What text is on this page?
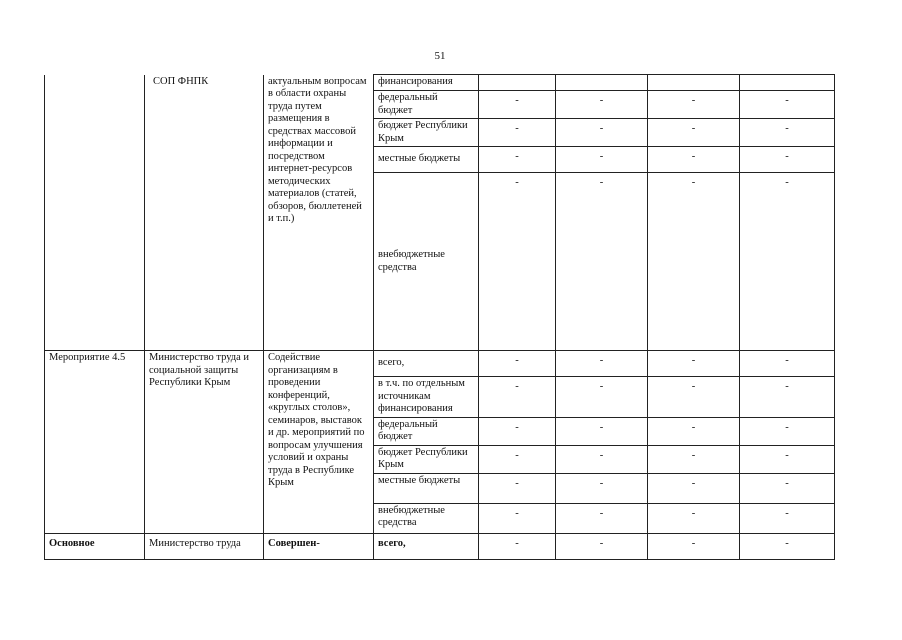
51
	СОП ФНПК	актуальным вопросам в области охраны труда путем размещения в средствах массовой информации и посредством интернет-ресурсов методических материалов (статей, обзоров, бюллетеней и т.п.)	финансирования				
			федеральный бюджет	-	-	-	-
			бюджет Республики Крым	-	-	-	-
			местные бюджеты	-	-	-	-
			внебюджетные средства	-	-	-	-
Мероприятие 4.5	Министерство труда и социальной защиты Республики Крым	Содействие организациям в проведении конференций, «круглых столов», семинаров, выставок и др. мероприятий по вопросам улучшения условий и охраны труда в Республике Крым	всего,	-	-	-	-
			в т.ч. по отдельным источникам финансирования	-	-	-	-
			федеральный бюджет	-	-	-	-
			бюджет Республики Крым	-	-	-	-
			местные бюджеты	-	-	-	-
			внебюджетные средства	-	-	-	-
Основное	Министерство труда	Совершен-	всего,	-	-	-	-
